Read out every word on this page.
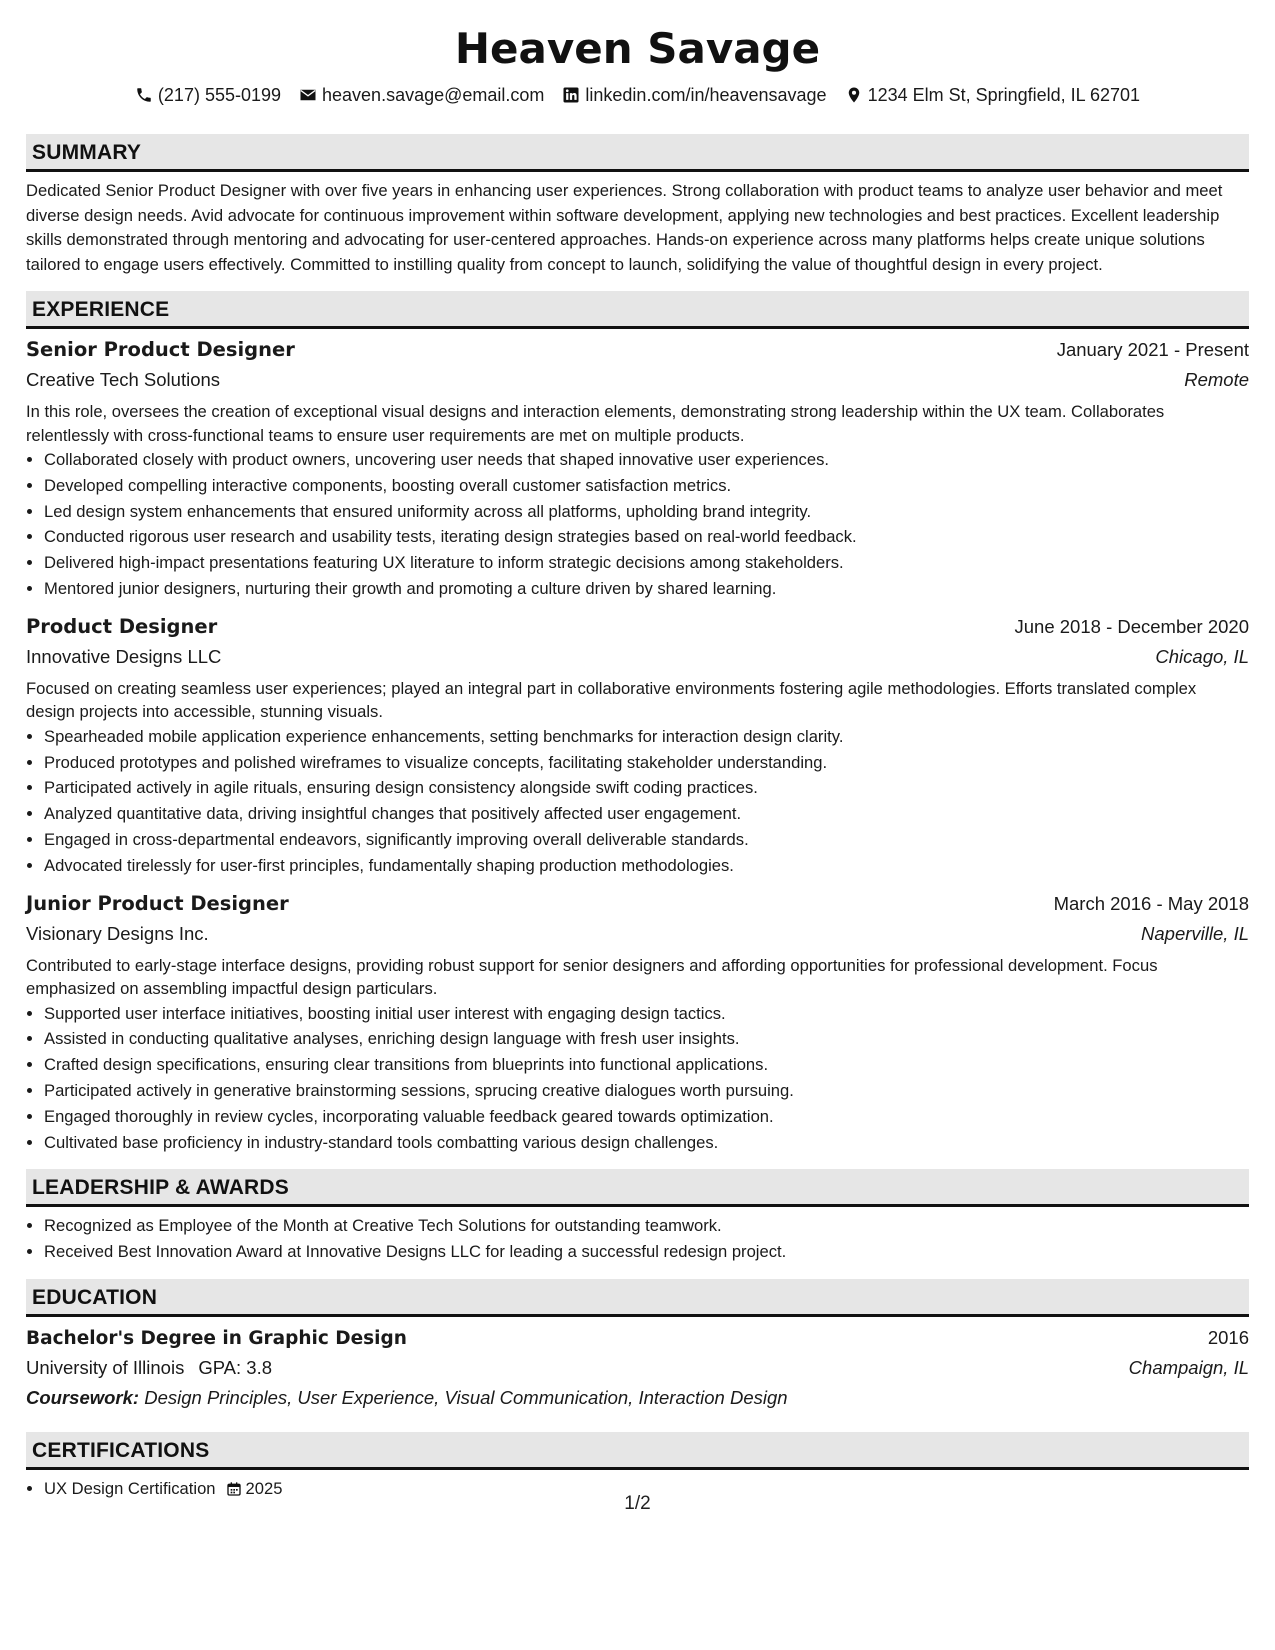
Heaven Savage
(217) 555-0199 heaven.savage@email.com linkedin.com/in/heavensavage 1234 Elm St, Springfield, IL 62701
SUMMARY
Dedicated Senior Product Designer with over five years in enhancing user experiences. Strong collaboration with product teams to analyze user behavior and meet diverse design needs. Avid advocate for continuous improvement within software development, applying new technologies and best practices. Excellent leadership skills demonstrated through mentoring and advocating for user-centered approaches. Hands-on experience across many platforms helps create unique solutions tailored to engage users effectively. Committed to instilling quality from concept to launch, solidifying the value of thoughtful design in every project.
EXPERIENCE
Senior Product Designer	January 2021 - Present
Creative Tech Solutions	Remote
In this role, oversees the creation of exceptional visual designs and interaction elements, demonstrating strong leadership within the UX team. Collaborates relentlessly with cross-functional teams to ensure user requirements are met on multiple products.
• Collaborated closely with product owners, uncovering user needs that shaped innovative user experiences.
• Developed compelling interactive components, boosting overall customer satisfaction metrics.
• Led design system enhancements that ensured uniformity across all platforms, upholding brand integrity.
• Conducted rigorous user research and usability tests, iterating design strategies based on real-world feedback.
• Delivered high-impact presentations featuring UX literature to inform strategic decisions among stakeholders.
• Mentored junior designers, nurturing their growth and promoting a culture driven by shared learning.
Product Designer	June 2018 - December 2020
Innovative Designs LLC	Chicago, IL
Focused on creating seamless user experiences; played an integral part in collaborative environments fostering agile methodologies. Efforts translated complex design projects into accessible, stunning visuals.
• Spearheaded mobile application experience enhancements, setting benchmarks for interaction design clarity.
• Produced prototypes and polished wireframes to visualize concepts, facilitating stakeholder understanding.
• Participated actively in agile rituals, ensuring design consistency alongside swift coding practices.
• Analyzed quantitative data, driving insightful changes that positively affected user engagement.
• Engaged in cross-departmental endeavors, significantly improving overall deliverable standards.
• Advocated tirelessly for user-first principles, fundamentally shaping production methodologies.
Junior Product Designer	March 2016 - May 2018
Visionary Designs Inc.	Naperville, IL
Contributed to early-stage interface designs, providing robust support for senior designers and affording opportunities for professional development. Focus emphasized on assembling impactful design particulars.
• Supported user interface initiatives, boosting initial user interest with engaging design tactics.
• Assisted in conducting qualitative analyses, enriching design language with fresh user insights.
• Crafted design specifications, ensuring clear transitions from blueprints into functional applications.
• Participated actively in generative brainstorming sessions, sprucing creative dialogues worth pursuing.
• Engaged thoroughly in review cycles, incorporating valuable feedback geared towards optimization.
• Cultivated base proficiency in industry-standard tools combatting various design challenges.
LEADERSHIP & AWARDS
• Recognized as Employee of the Month at Creative Tech Solutions for outstanding teamwork.
• Received Best Innovation Award at Innovative Designs LLC for leading a successful redesign project.
EDUCATION
Bachelor's Degree in Graphic Design	2016
University of Illinois GPA: 3.8	Champaign, IL
Coursework: Design Principles, User Experience, Visual Communication, Interaction Design
CERTIFICATIONS
• UX Design Certification 2025
1/2
